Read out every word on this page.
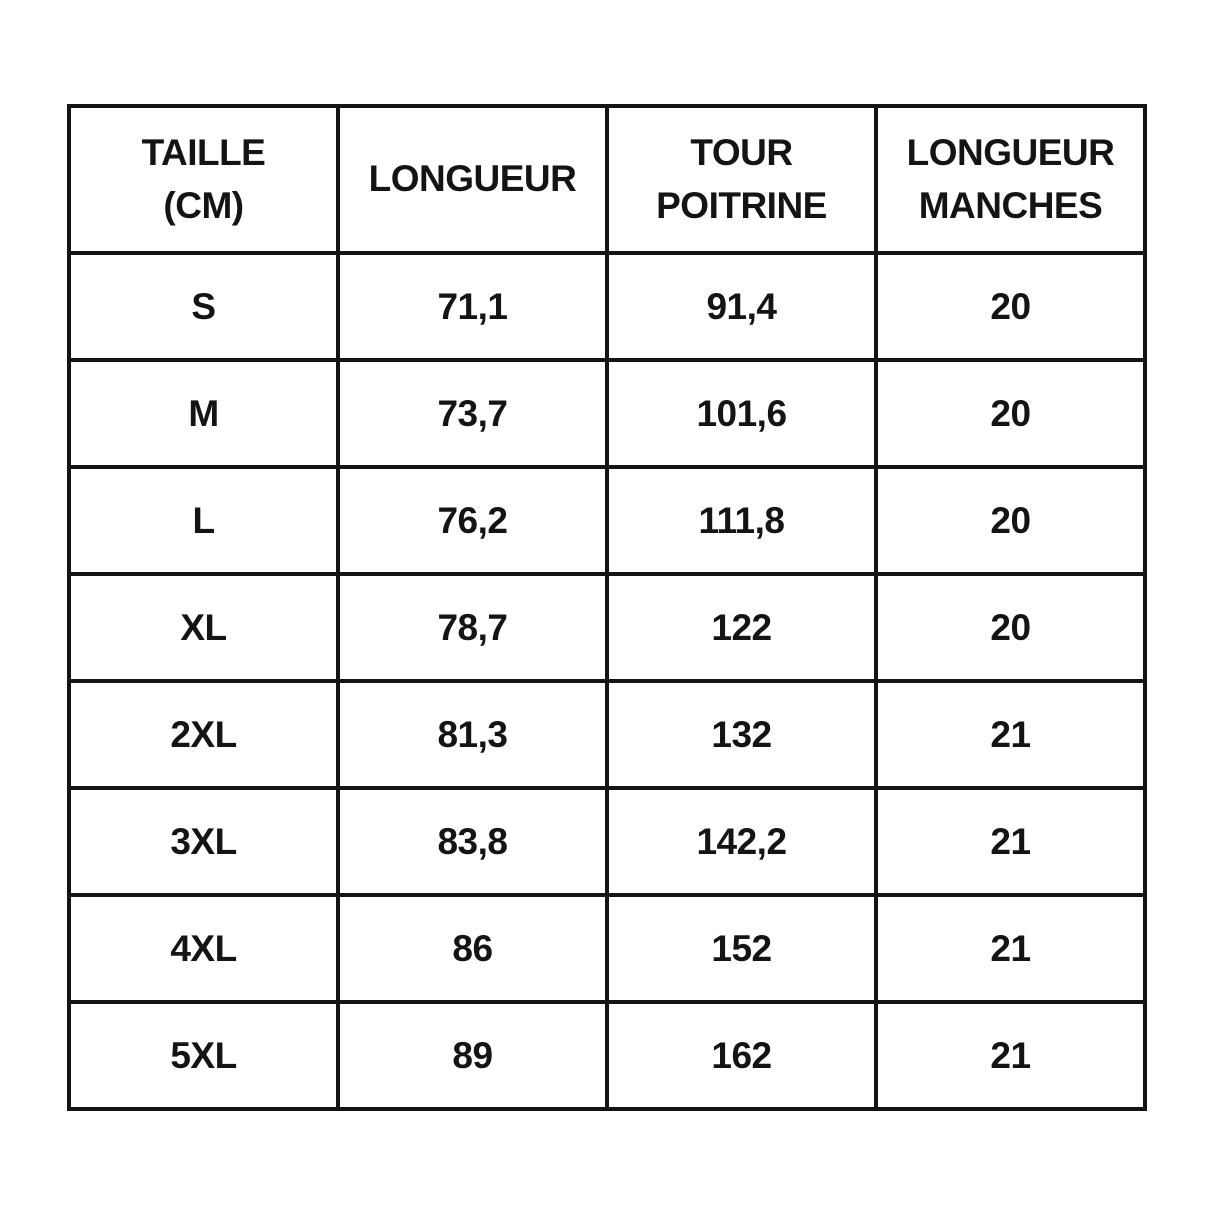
TAILLE (CM)	LONGUEUR	TOUR POITRINE	LONGUEUR MANCHES
S	71,1	91,4	20
M	73,7	101,6	20
L	76,2	111,8	20
XL	78,7	122	20
2XL	81,3	132	21
3XL	83,8	142,2	21
4XL	86	152	21
5XL	89	162	21
